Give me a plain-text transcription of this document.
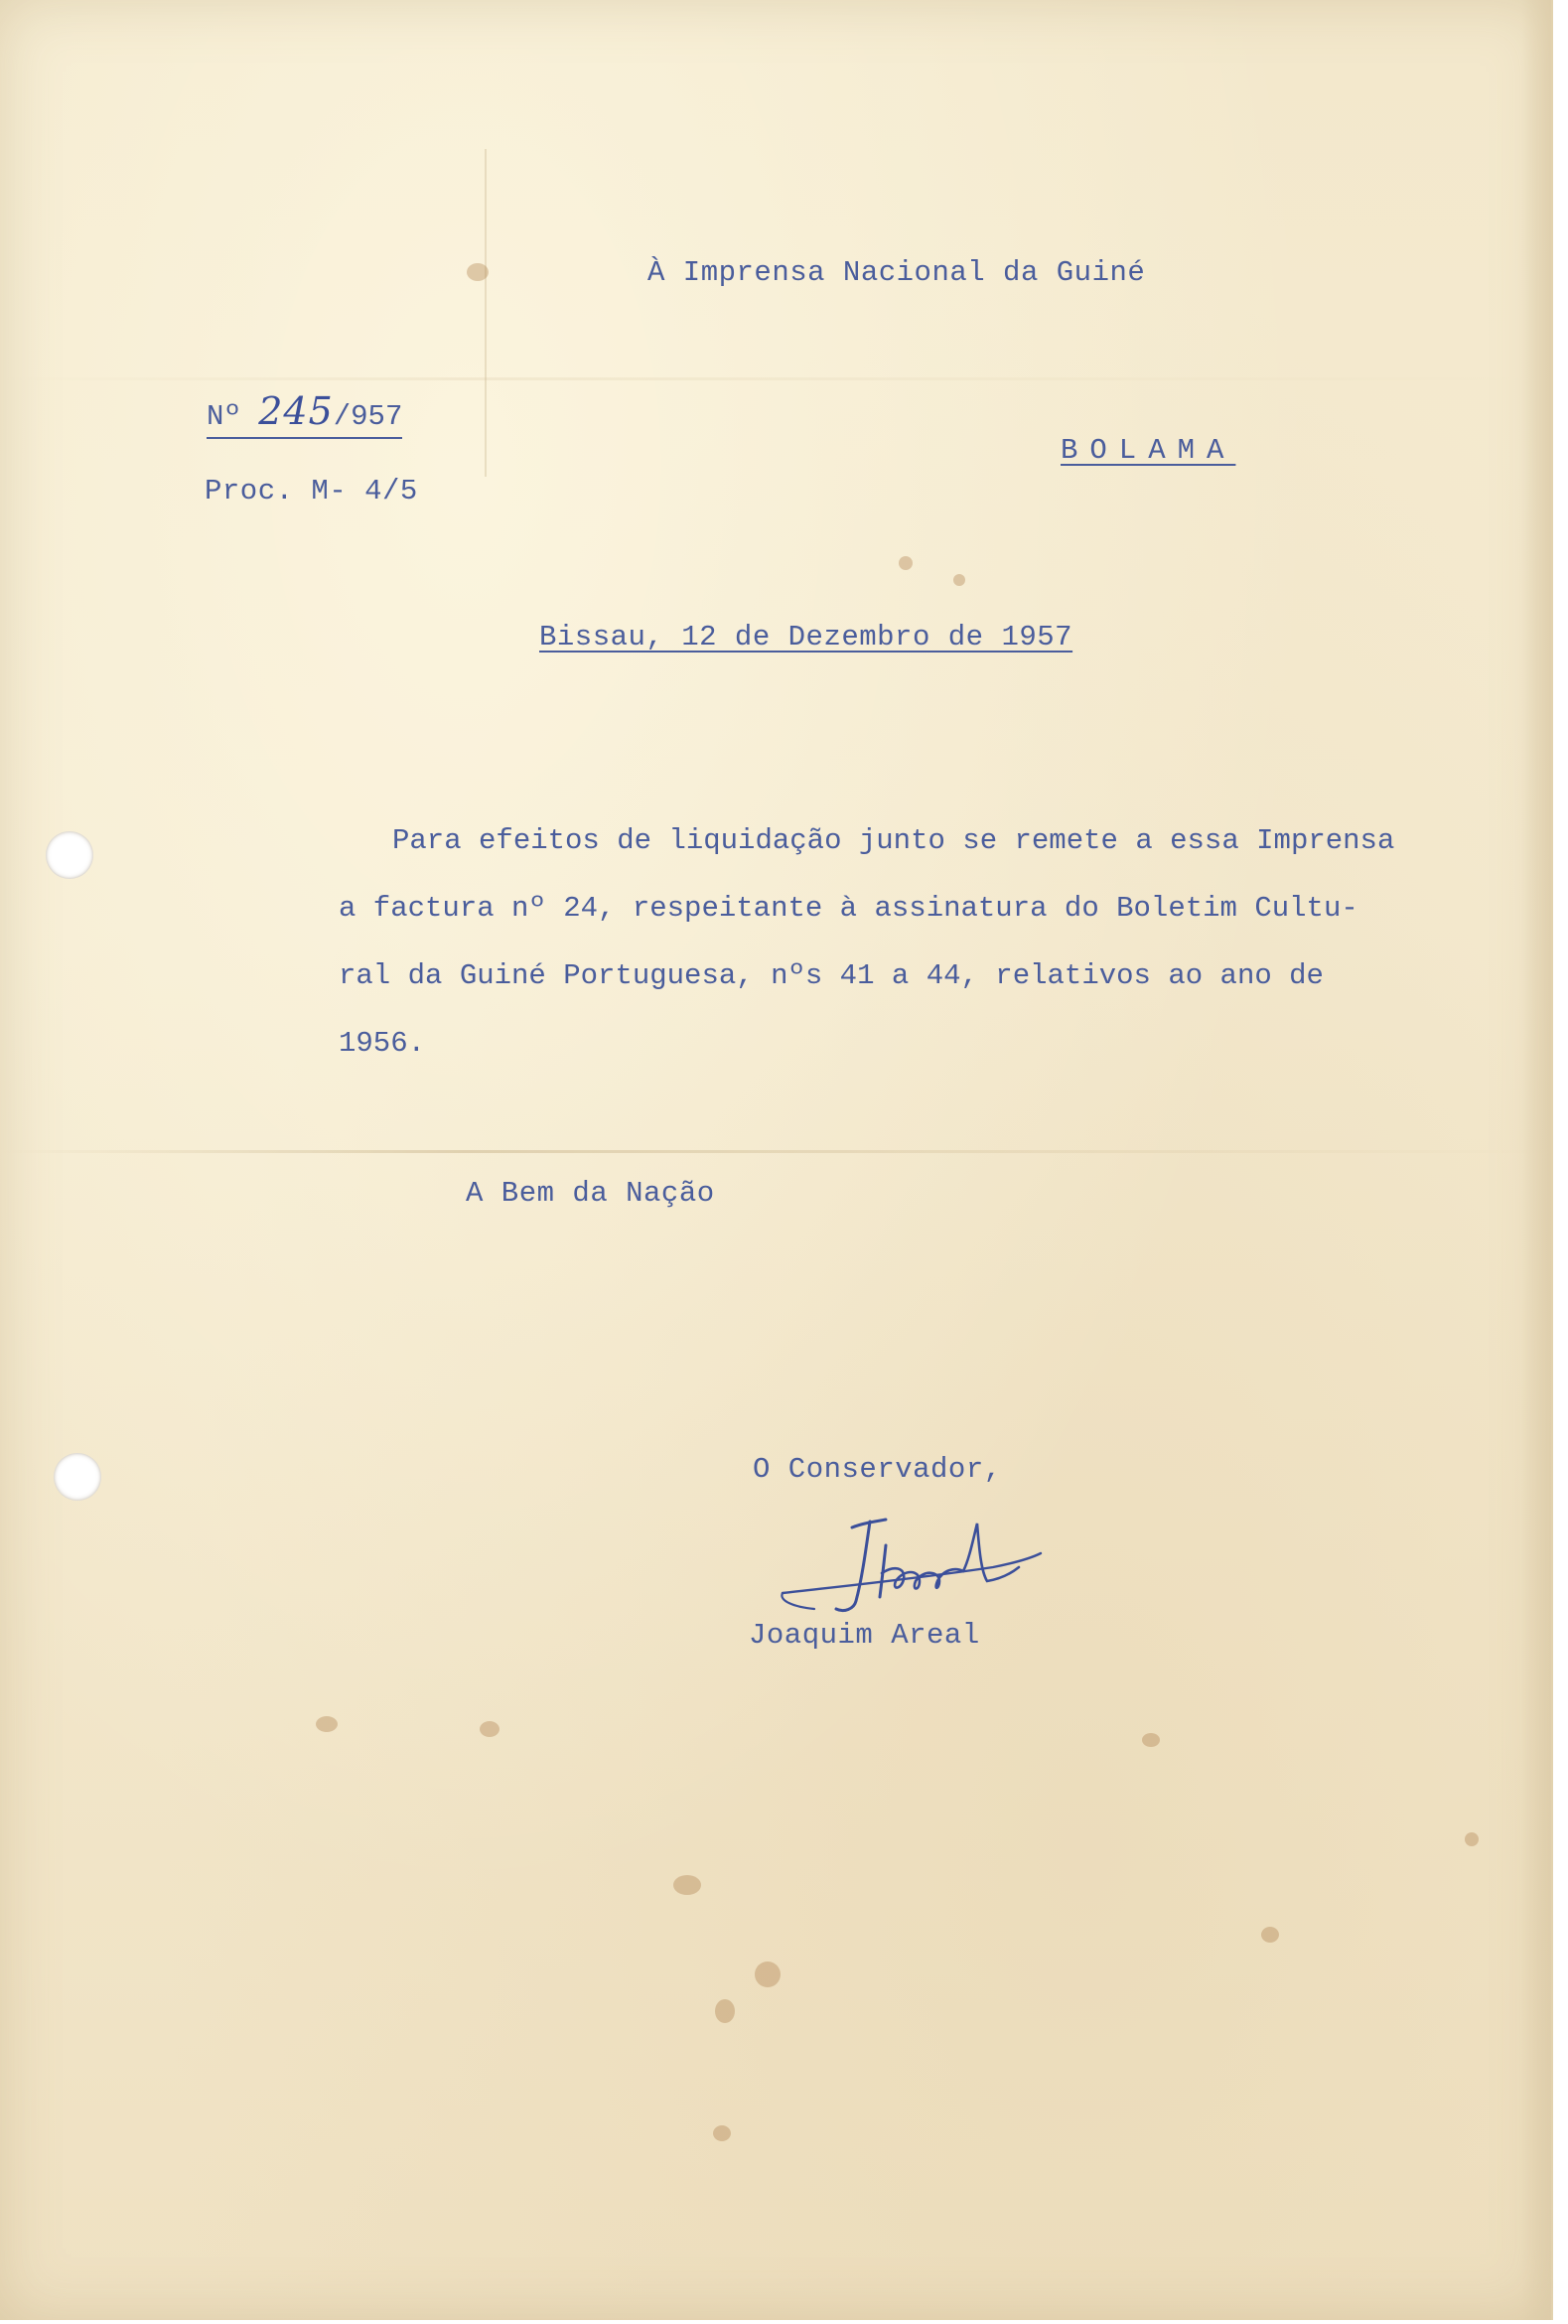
À Imprensa Nacional da Guiné
Nº 245/957
Proc. M- 4/5
BOLAMA
Bissau, 12 de Dezembro de 1957
Para efeitos de liquidação junto se remete a essa Imprensa
a factura nº 24, respeitante à assinatura do Boletim Cultu-
ral da Guiné Portuguesa, nºs 41 a 44, relativos ao ano de
1956.
A Bem da Nação
O Conservador,
Joaquim Areal
